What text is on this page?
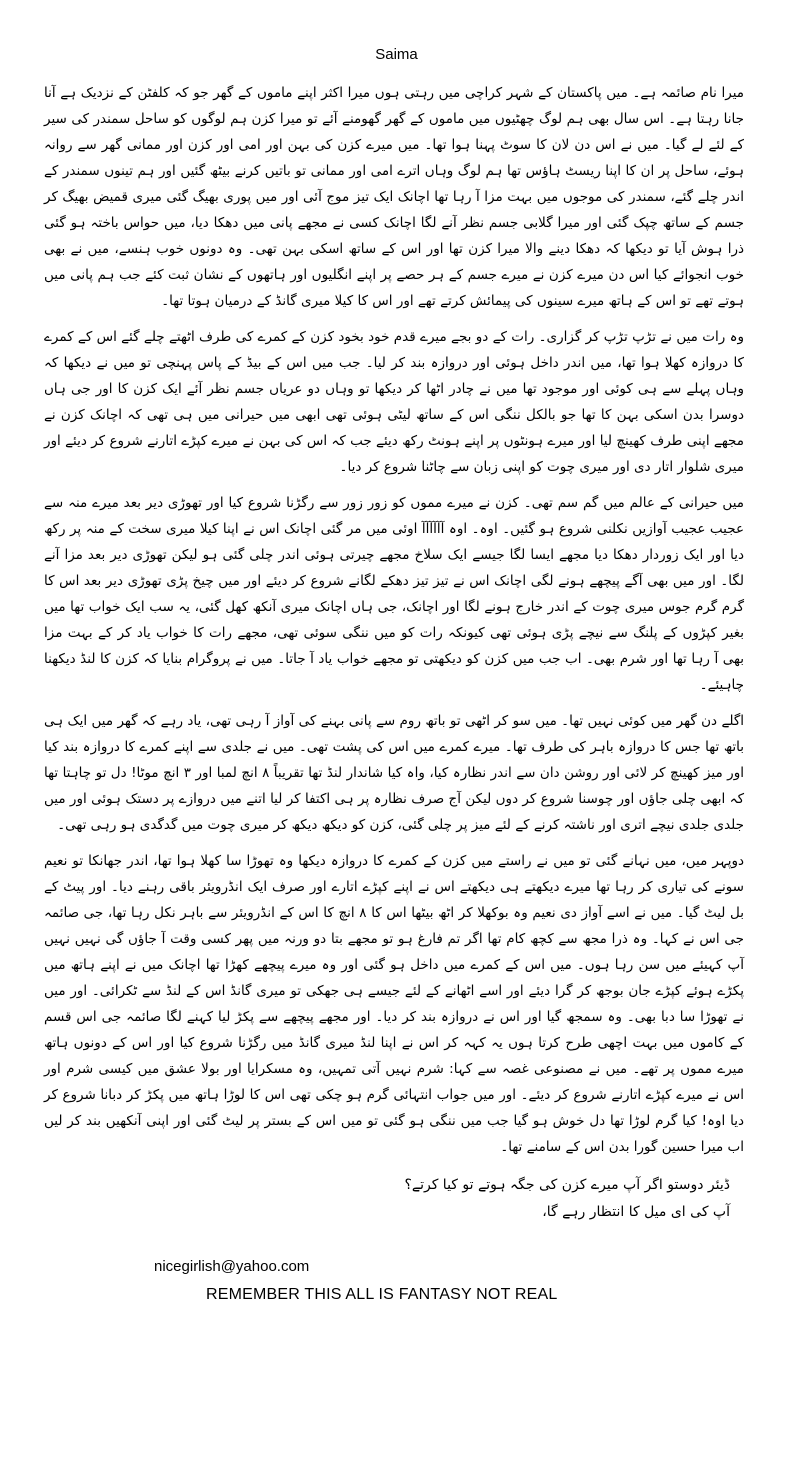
Saima

میرا نام صائمہ ہے۔ میں پاکستان کے شہر کراچی میں رہتی ہوں میرا اکثر اپنے ماموں کے گھر جو کہ کلفٹن کے نزدیک ہے آنا جانا رہتا ہے۔ اس سال بھی ہم لوگ چھٹیوں میں ماموں کے گھر گھومنے آئے تو میرا کزن ہم لوگوں کو ساحل سمندر کی سیر کے لئے لے گیا۔ میں نے اس دن لان کا سوٹ پہنا ہوا تھا۔ میں میرے کزن کی بہن اور امی اور کزن اور ممانی گھر سے روانہ ہوئے، ساحل پر ان کا اپنا ریسٹ ہاؤس تھا ہم لوگ وہاں اترے امی اور ممانی تو باتیں کرنے بیٹھ گئیں اور ہم تینوں سمندر کے اندر چلے گئے، سمندر کی موجوں میں بہت مزا آ رہا تھا اچانک ایک تیز موج آئی اور میں پوری بھیگ گئی میری قمیض بھیگ کر جسم کے ساتھ چپک گئی اور میرا گلابی جسم نظر آنے لگا اچانک کسی نے مجھے پانی میں دھکا دیا، میں حواس باختہ ہو گئی ذرا ہوش آیا تو دیکھا کہ دھکا دینے والا میرا کزن تھا اور اس کے ساتھ اسکی بہن تھی۔ وہ دونوں خوب ہنسے، میں نے بھی خوب انجوائے کیا اس دن میرے کزن نے میرے جسم کے ہر حصے پر اپنے انگلیوں اور ہاتھوں کے نشان ثبت کئے جب ہم پانی میں ہوتے تھے تو اس کے ہاتھ میرے سینوں کی پیمائش کرتے تھے اور اس کا کیلا میری گانڈ کے درمیان ہوتا تھا۔

وہ رات میں نے تڑپ تڑپ کر گزاری۔ رات کے دو بجے میرے قدم خود بخود کزن کے کمرے کی طرف اٹھتے چلے گئے اس کے کمرے کا دروازہ کھلا ہوا تھا، میں اندر داخل ہوئی اور دروازہ بند کر لیا۔ جب میں اس کے بیڈ کے پاس پہنچی تو میں نے دیکھا کہ وہاں پہلے سے ہی کوئی اور موجود تھا میں نے چادر اٹھا کر دیکھا تو وہاں دو عریاں جسم نظر آئے ایک کزن کا اور جی ہاں دوسرا بدن اسکی بہن کا تھا جو بالکل ننگی اس کے ساتھ لیٹی ہوئی تھی ابھی میں حیرانی میں ہی تھی کہ اچانک کزن نے مجھے اپنی طرف کھینچ لیا اور میرے ہونٹوں پر اپنے ہونٹ رکھ دیئے جب کہ اس کی بہن نے میرے کپڑے اتارنے شروع کر دیئے اور میری شلوار اتار دی اور میری چوت کو اپنی زبان سے چاٹنا شروع کر دیا۔

میں حیرانی کے عالم میں گم سم تھی۔ کزن نے میرے مموں کو زور زور سے رگڑنا شروع کیا اور تھوڑی دیر بعد میرے منہ سے عجیب عجیب آوازیں نکلنی شروع ہو گئیں۔ اوہ۔ اوہ آآآآآآ اوئی میں مر گئی اچانک اس نے اپنا کیلا میری سخت کے منہ پر رکھ دیا اور ایک زوردار دھکا دیا مجھے ایسا لگا جیسے ایک سلاخ مجھے چیرتی ہوئی اندر چلی گئی ہو لیکن تھوڑی دیر بعد مزا آنے لگا۔ اور میں بھی آگے پیچھے ہونے لگی اچانک اس نے تیز تیز دھکے لگانے شروع کر دیئے اور میں چیخ پڑی تھوڑی دیر بعد اس کا گرم گرم جوس میری چوت کے اندر خارج ہونے لگا اور اچانک، جی ہاں اچانک میری آنکھ کھل گئی، یہ سب ایک خواب تھا میں بغیر کپڑوں کے پلنگ سے نیچے پڑی ہوئی تھی کیونکہ رات کو میں ننگی سوئی تھی، مجھے رات کا خواب یاد کر کے بہت مزا بھی آ رہا تھا اور شرم بھی۔ اب جب میں کزن کو دیکھتی تو مجھے خواب یاد آ جاتا۔ میں نے پروگرام بنایا کہ کزن کا لنڈ دیکھنا چاہیئے۔

اگلے دن گھر میں کوئی نہیں تھا۔ میں سو کر اٹھی تو باتھ روم سے پانی بہنے کی آواز آ رہی تھی، یاد رہے کہ گھر میں ایک ہی باتھ تھا جس کا دروازہ باہر کی طرف تھا۔ میرے کمرے میں اس کی پشت تھی۔ میں نے جلدی سے اپنے کمرے کا دروازہ بند کیا اور میز کھینچ کر لائی اور روشن دان سے اندر نظارہ کیا، واہ کیا شاندار لنڈ تھا تقریباً ۸ انچ لمبا اور ۳ انچ موٹا! دل تو چاہتا تھا کہ ابھی چلی جاؤں اور چوسنا شروع کر دوں لیکن آج صرف نظارہ پر ہی اکتفا کر لیا اتنے میں دروازے پر دستک ہوئی اور میں جلدی جلدی نیچے اتری اور ناشتہ کرنے کے لئے میز پر چلی گئی، کزن کو دیکھ دیکھ کر میری چوت میں گدگدی ہو رہی تھی۔

دوپہر میں، میں نہانے گئی تو میں نے راستے میں کزن کے کمرے کا دروازہ دیکھا وہ تھوڑا سا کھلا ہوا تھا، اندر جھانکا تو نعیم سونے کی تیاری کر رہا تھا میرے دیکھتے ہی دیکھتے اس نے اپنے کپڑے اتارے اور صرف ایک انڈرویئر باقی رہنے دیا۔ اور پیٹ کے بل لیٹ گیا۔ میں نے اسے آواز دی نعیم وہ بوکھلا کر اٹھ بیٹھا اس کا ۸ انچ کا اس کے انڈرویئر سے باہر نکل رہا تھا، جی صائمہ جی اس نے کہا۔ وہ ذرا مجھ سے کچھ کام تھا اگر تم فارغ ہو تو مجھے بتا دو ورنہ میں پھر کسی وقت آ جاؤں گی نہیں نہیں آپ کہیئے میں سن رہا ہوں۔ میں اس کے کمرے میں داخل ہو گئی اور وہ میرے پیچھے کھڑا تھا اچانک میں نے اپنے ہاتھ میں پکڑے ہوئے کپڑے جان بوجھ کر گرا دیئے اور اسے اٹھانے کے لئے جیسے ہی جھکی تو میری گانڈ اس کے لنڈ سے ٹکرائی۔ اور میں نے تھوڑا سا دبا بھی۔ وہ سمجھ گیا اور اس نے دروازہ بند کر دیا۔ اور مجھے پیچھے سے پکڑ لیا کہنے لگا صائمہ جی اس قسم کے کاموں میں بہت اچھی طرح کرتا ہوں یہ کہہ کر اس نے اپنا لنڈ میری گانڈ میں رگڑنا شروع کیا اور اس کے دونوں ہاتھ میرے مموں پر تھے۔ میں نے مصنوعی غصہ سے کہا: شرم نہیں آتی تمہیں، وہ مسکرایا اور بولا عشق میں کیسی شرم اور اس نے میرے کپڑے اتارنے شروع کر دیئے۔ اور میں جواب انتہائی گرم ہو چکی تھی اس کا لوڑا ہاتھ میں پکڑ کر دبانا شروع کر دیا اوہ! کیا گرم لوڑا تھا دل خوش ہو گیا جب میں ننگی ہو گئی تو میں اس کے بستر پر لیٹ گئی اور اپنی آنکھیں بند کر لیں اب میرا حسین گورا بدن اس کے سامنے تھا۔

ڈیئر دوستو اگر آپ میرے کزن کی جگہ ہوتے تو کیا کرتے؟

آپ کی ای میل کا انتظار رہے گا،

nicegirlish@yahoo.com
REMEMBER THIS ALL IS FANTASY NOT REAL
